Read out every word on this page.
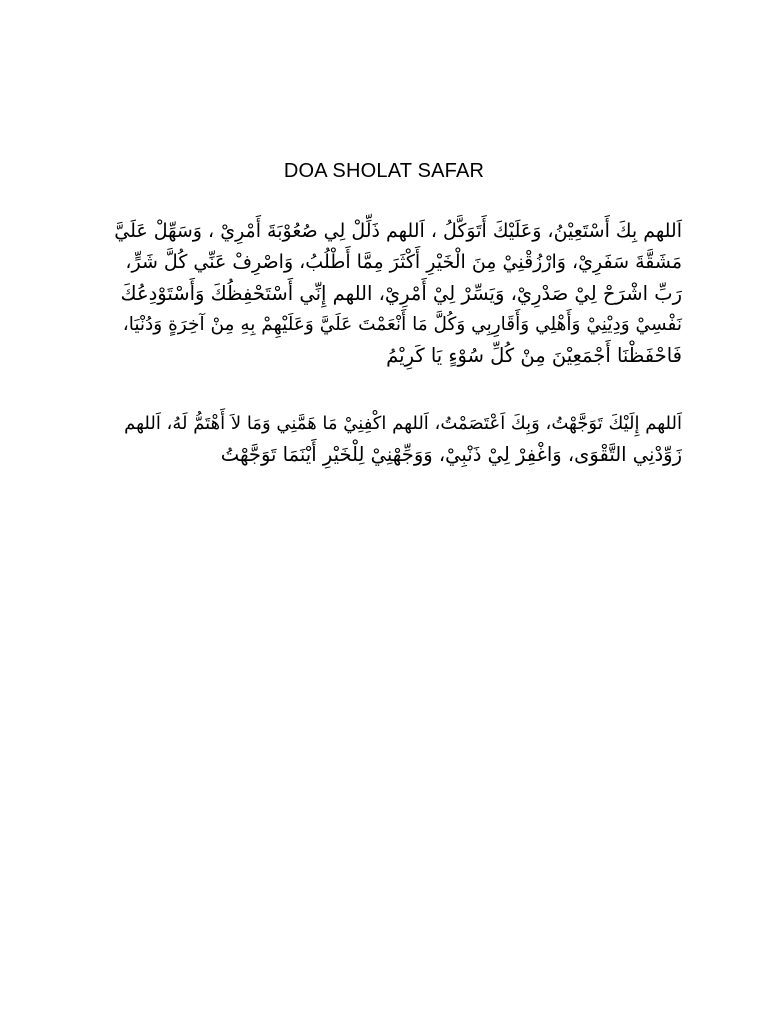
DOA SHOLAT SAFAR
اَللهم بِكَ أَسْتَعِيْنُ، وَعَلَيْكَ أَتَوَكَّلُ ، اَللهم ذَلِّلْ لِي صُعُوْبَةَ أَمْرِيْ ، وَسَهِّلْ عَلَيَّ
مَشَقَّةَ سَفَرِيْ، وَارْزُقْنِيْ مِنَ الْخَيْرِ أَكْثَرَ مِمَّا أَطْلُبُ، وَاصْرِفْ عَنِّي كُلَّ شَرٍّ،
رَبِّ اشْرَحْ لِيْ صَدْرِيْ، وَيَسِّرْ لِيْ أَمْرِيْ، اللهم إِنِّي أَسْتَحْفِظُكَ وَأَسْتَوْدِعُكَ
نَفْسِيْ وَدِيْنِيْ وَأَهْلِي وَأَقَارِبِي وَكُلَّ مَا أَنْعَمْتَ عَلَيَّ وَعَلَيْهِمْ بِهِ مِنْ آخِرَةٍ وَدُنْيَا،
فَاحْفَظْنَا أَجْمَعِيْنَ مِنْ كُلِّ سُوْءٍ يَا كَرِيْمُ
اَللهم إِلَيْكَ تَوَجَّهْتُ، وَبِكَ اَعْتَصَمْتُ، اَللهم اكْفِنِيْ مَا هَمَّنِي وَمَا لاَ أَهْتَمُّ لَهُ، اَللهم
زَوِّدْنِي التَّقْوَى، وَاغْفِرْ لِيْ ذَنْبِيْ، وَوَجِّهْنِيْ لِلْخَيْرِ أَيْنَمَا تَوَجَّهْتُ
